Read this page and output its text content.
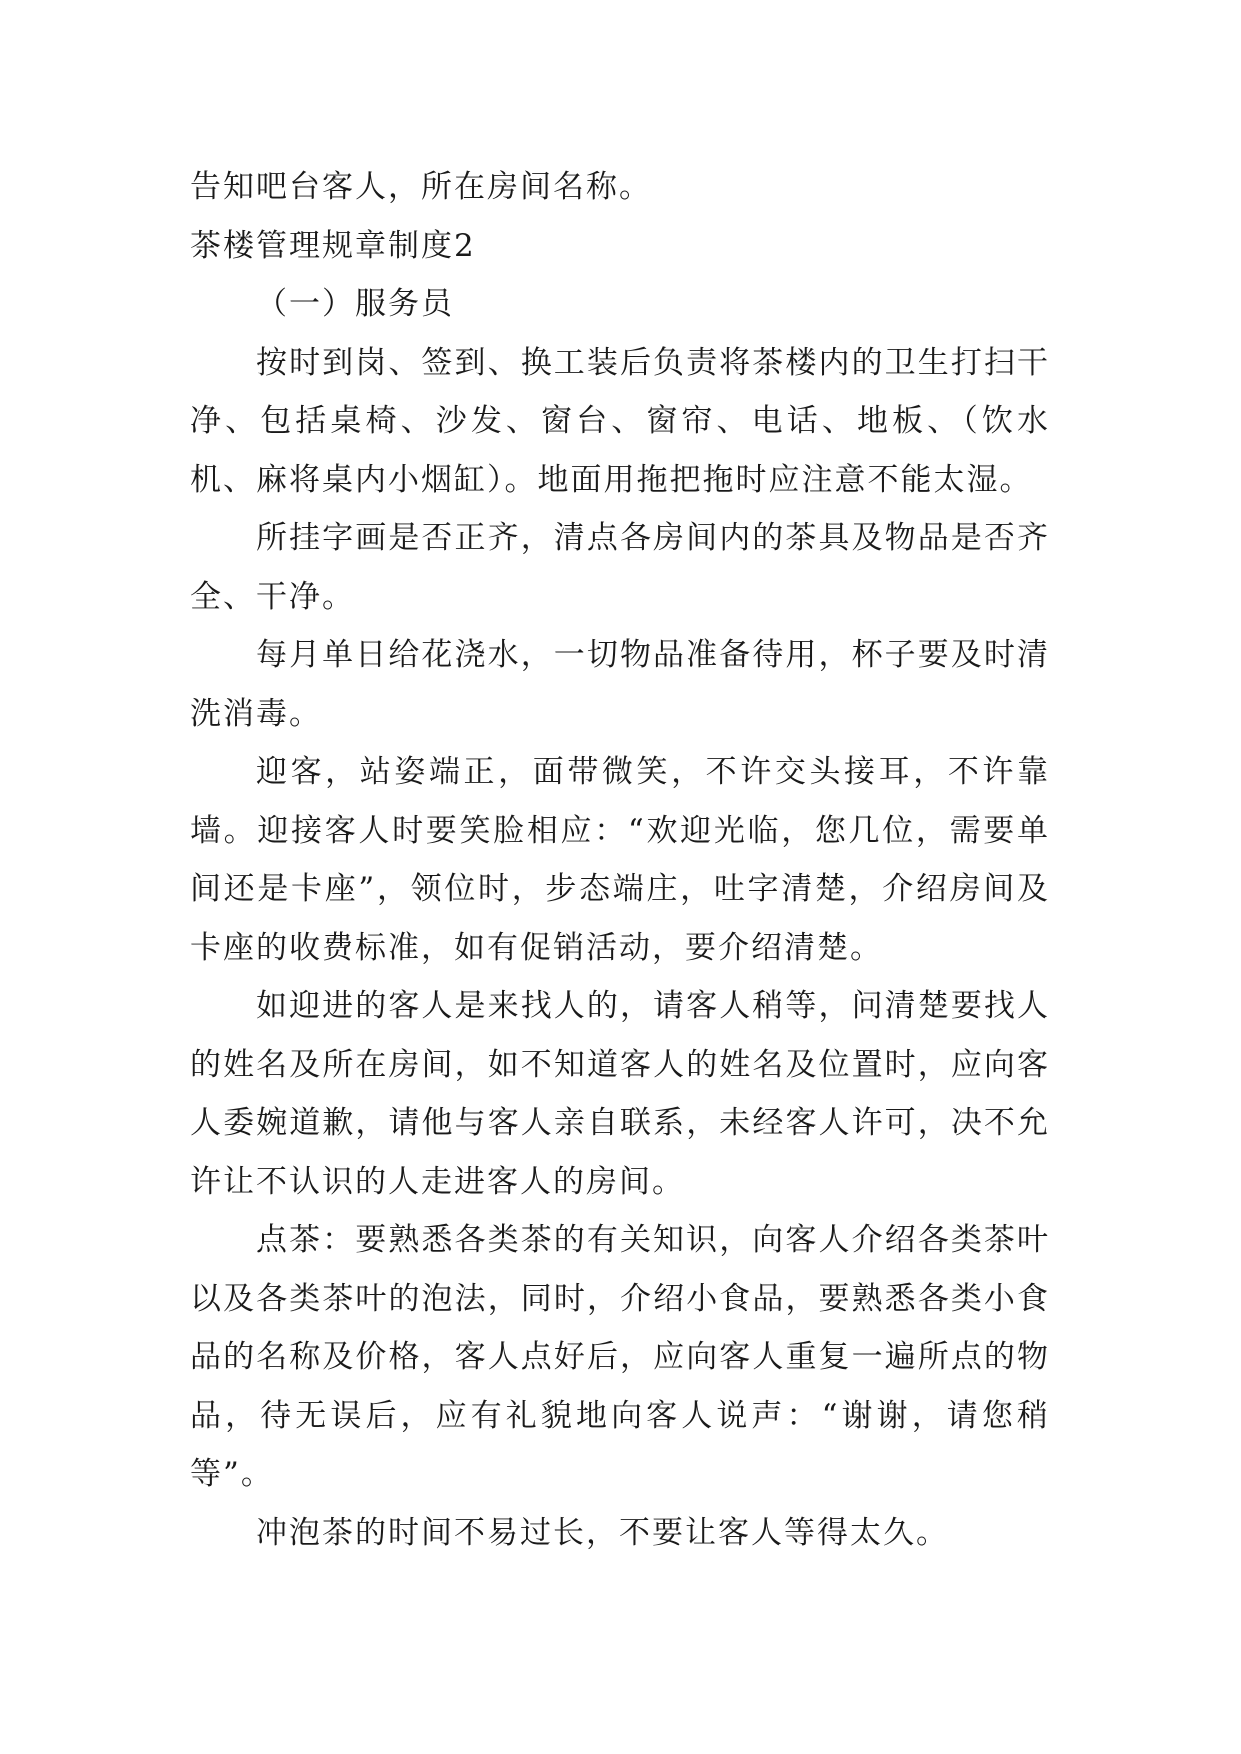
告知吧台客人，所在房间名称。

茶楼管理规章制度2

（一）服务员

按时到岗、签到、换工装后负责将茶楼内的卫生打扫干净、包括桌椅、沙发、窗台、窗帘、电话、地板、（饮水机、麻将桌内小烟缸）。地面用拖把拖时应注意不能太湿。

所挂字画是否正齐，清点各房间内的茶具及物品是否齐全、干净。

每月单日给花浇水，一切物品准备待用，杯子要及时清洗消毒。

迎客，站姿端正，面带微笑，不许交头接耳，不许靠墙。迎接客人时要笑脸相应：“欢迎光临，您几位，需要单间还是卡座”，领位时，步态端庄，吐字清楚，介绍房间及卡座的收费标准，如有促销活动，要介绍清楚。

如迎进的客人是来找人的，请客人稍等，问清楚要找人的姓名及所在房间，如不知道客人的姓名及位置时，应向客人委婉道歉，请他与客人亲自联系，未经客人许可，决不允许让不认识的人走进客人的房间。

点茶：要熟悉各类茶的有关知识，向客人介绍各类茶叶以及各类茶叶的泡法，同时，介绍小食品，要熟悉各类小食品的名称及价格，客人点好后，应向客人重复一遍所点的物品，待无误后，应有礼貌地向客人说声：“谢谢，请您稍等”。

冲泡茶的时间不易过长，不要让客人等得太久。
